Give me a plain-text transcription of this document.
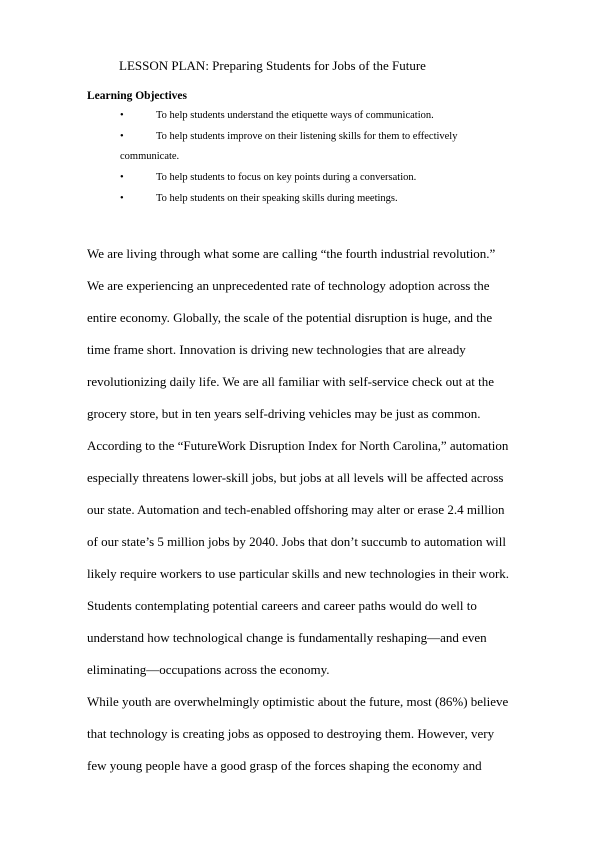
LESSON PLAN: Preparing Students for Jobs of the Future
Learning Objectives
•	To help students understand the etiquette ways of communication.
•	To help students improve on their listening skills for them to effectively
communicate.
•	To help students to focus on key points during a conversation.
•	To help students on their speaking skills during meetings.
We are living through what some are calling “the fourth industrial revolution.”
We are experiencing an unprecedented rate of technology adoption across the
entire economy. Globally, the scale of the potential disruption is huge, and the
time frame short. Innovation is driving new technologies that are already
revolutionizing daily life. We are all familiar with self-service check out at the
grocery store, but in ten years self-driving vehicles may be just as common.
According to the “FutureWork Disruption Index for North Carolina,” automation
especially threatens lower-skill jobs, but jobs at all levels will be affected across
our state. Automation and tech-enabled offshoring may alter or erase 2.4 million
of our state’s 5 million jobs by 2040. Jobs that don’t succumb to automation will
likely require workers to use particular skills and new technologies in their work.
Students contemplating potential careers and career paths would do well to
understand how technological change is fundamentally reshaping—and even
eliminating—occupations across the economy.
While youth are overwhelmingly optimistic about the future, most (86%) believe
that technology is creating jobs as opposed to destroying them. However, very
few young people have a good grasp of the forces shaping the economy and
